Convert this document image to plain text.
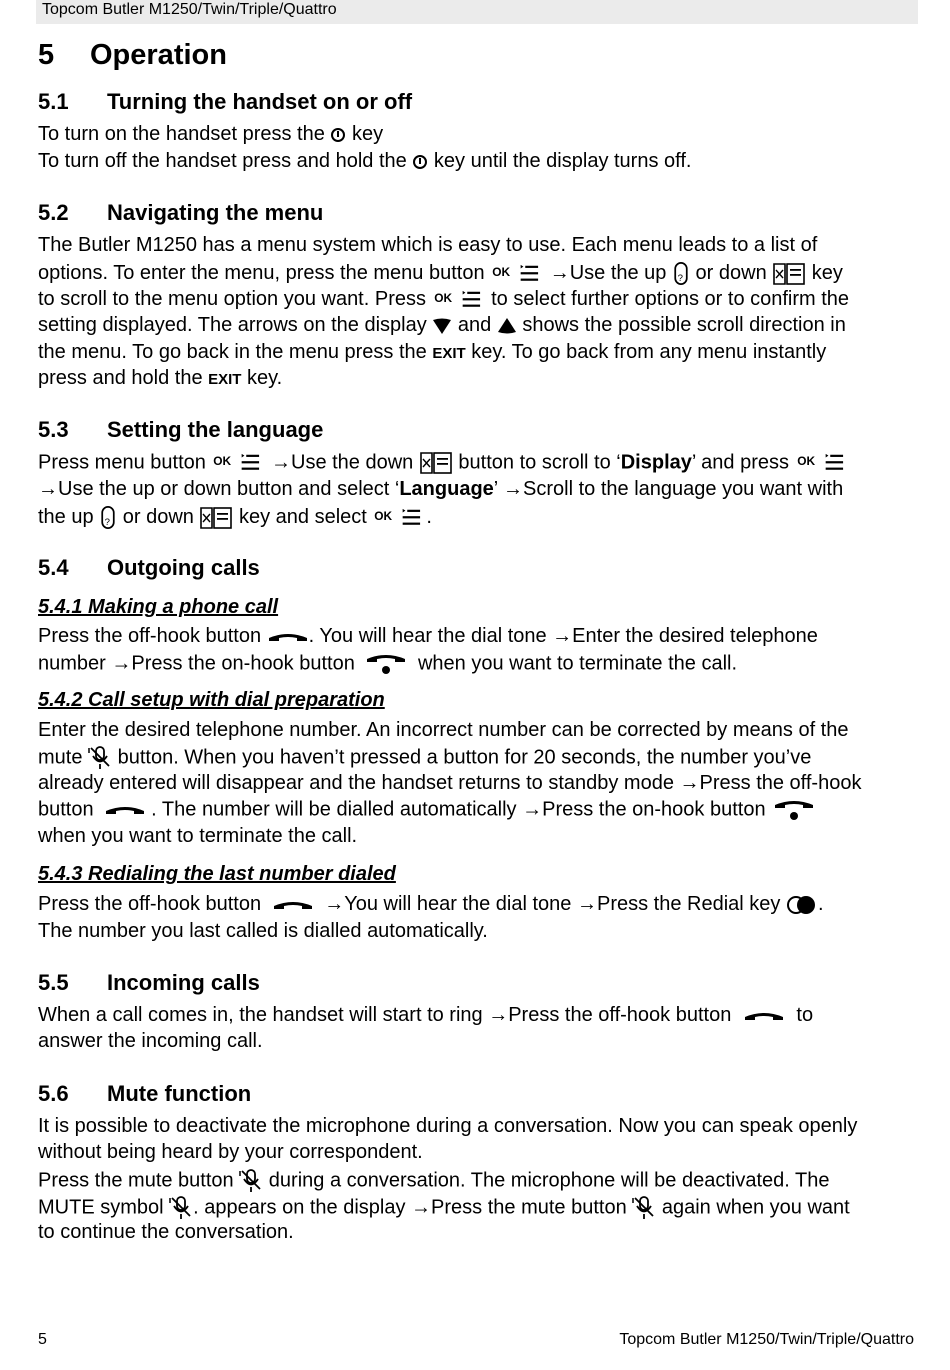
Topcom Butler M1250/Twin/Triple/Quattro
5 Operation
5.1 Turning the handset on or off
To turn on the handset press the  key
To turn off the handset press and hold the  key until the display turns off.
5.2 Navigating the menu
The Butler M1250 has a menu system which is easy to use. Each menu leads to a list of
options. To enter the menu, press the menu button	→Use the up  or down  key
to scroll to the menu option you want. Press	to select further options or to confirm the
setting displayed. The arrows on the display  and  shows the possible scroll direction in
the menu. To go back in the menu press the EXIT key. To go back from any menu instantly
press and hold the EXIT key.
5.3 Setting the language
Press menu button	→Use the down  button to scroll to ‘Display’ and press
→Use the up or down button and select ‘Language’ →Scroll to the language you want with
the up  or down  key and select	.
5.4 Outgoing calls
5.4.1 Making a phone call
Press the off-hook button . You will hear the dial tone →Enter the desired telephone
number →Press the on-hook button	when you want to terminate the call.
5.4.2 Call setup with dial preparation
Enter the desired telephone number. An incorrect number can be corrected by means of the
mute  button. When you haven’t pressed a button for 20 seconds, the number you’ve
already entered will disappear and the handset returns to standby mode →Press the off-hook
button	. The number will be dialled automatically →Press the on-hook button
when you want to terminate the call.
5.4.3 Redialing the last number dialed
Press the off-hook button	→You will hear the dial tone →Press the Redial key .
The number you last called is dialled automatically.
5.5 Incoming calls
When a call comes in, the handset will start to ring →Press the off-hook button	to
answer the incoming call.
5.6 Mute function
It is possible to deactivate the microphone during a conversation. Now you can speak openly
without being heard by your correspondent.
Press the mute button  during a conversation. The microphone will be deactivated. The
MUTE symbol . appears on the display →Press the mute button  again when you want
to continue the conversation.
5	Topcom Butler M1250/Twin/Triple/Quattro
